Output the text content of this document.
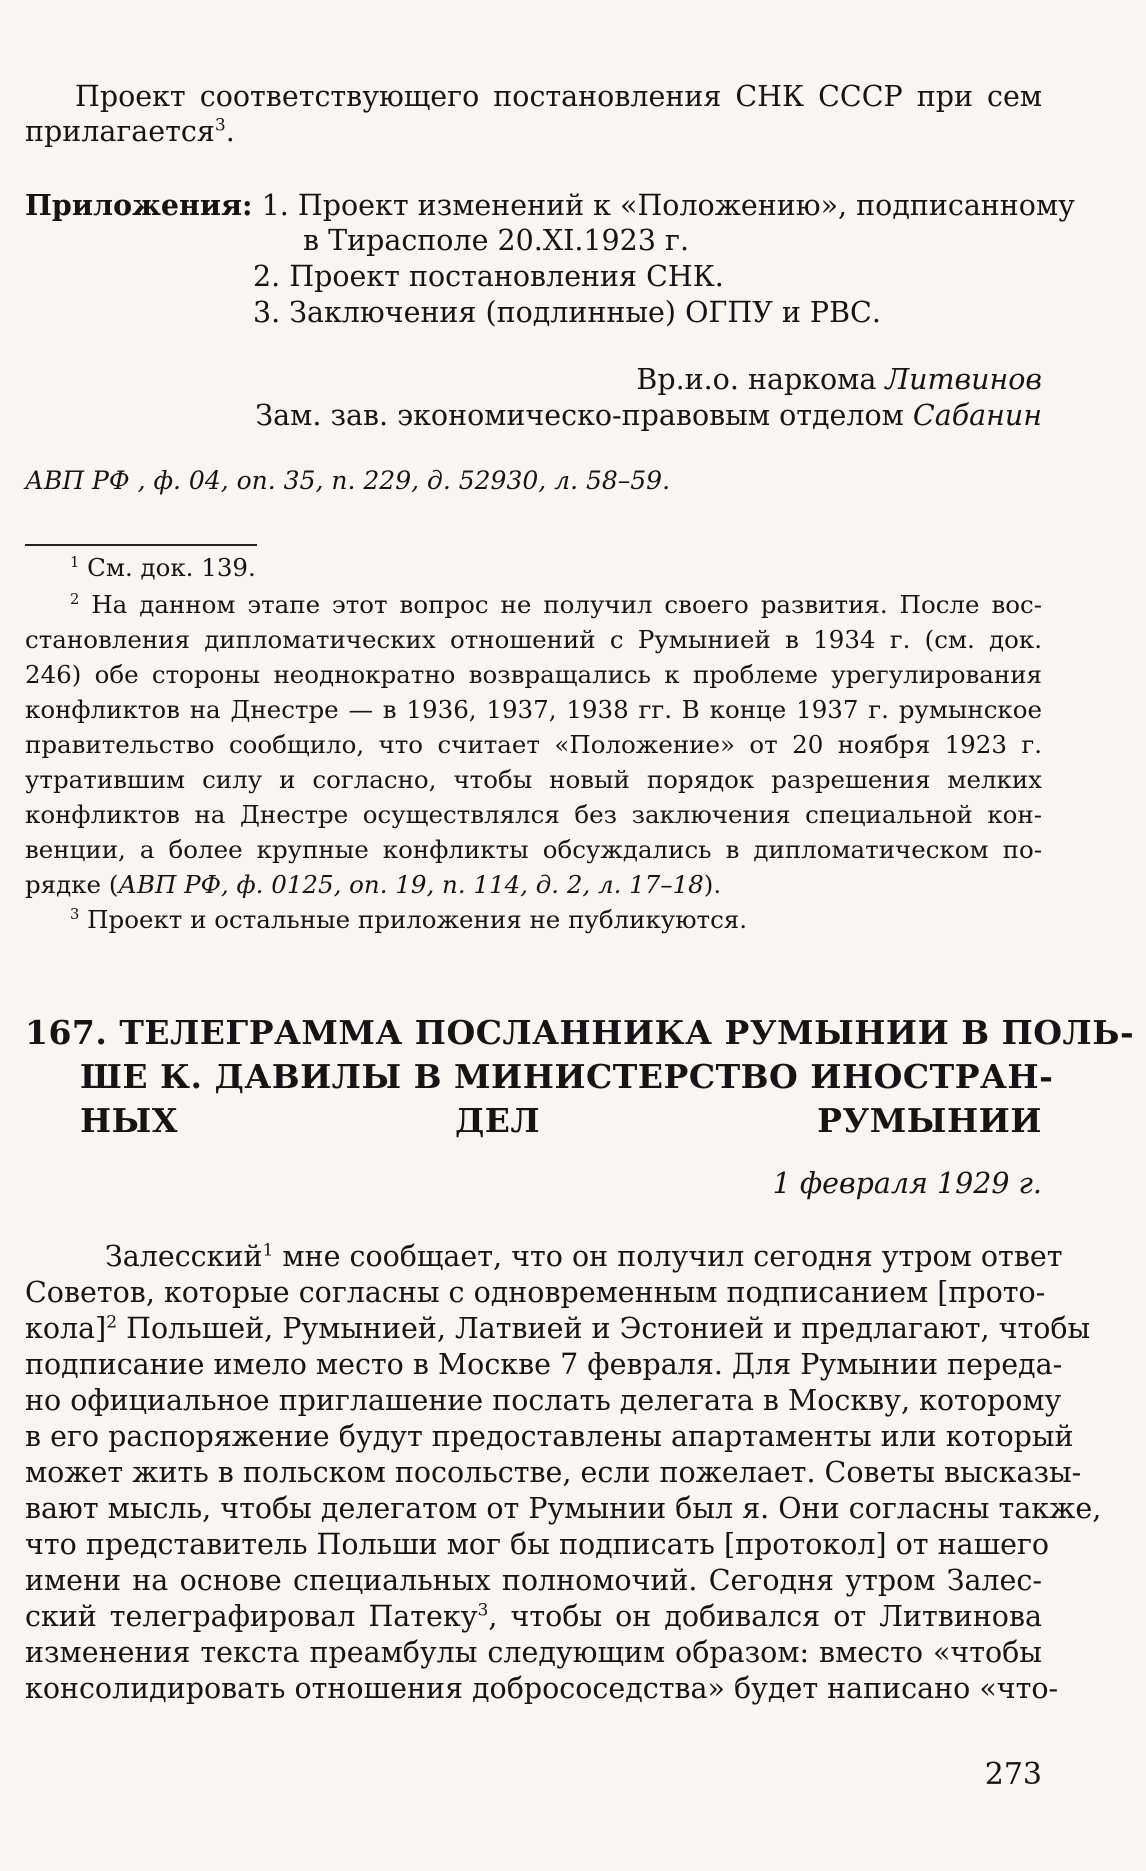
Проект соответствующего постановления СНК СССР при сем

прилагается$^3$.

Приложения: 1. Проект изменений к «Положению», подписанному

в Тирасполе 20.XI.1923 г.

2. Проект постановления СНК.

3. Заключения (подлинные) ОГПУ и РВС.

Вр.и.о. наркома Литвинов

Зам. зав. экономическо-правовым отделом Сабанин

АВП РФ , ф. 04, оп. 35, п. 229, д. 52930, л. 58–59.

$^1$ См. док. 139.

$^2$ На данном этапе этот вопрос не получил своего развития. После вос-

становления дипломатических отношений с Румынией в 1934 г. (см. док.

246) обе стороны неоднократно возвращались к проблеме урегулирования

конфликтов на Днестре — в 1936, 1937, 1938 гг. В конце 1937 г. румынское

правительство сообщило, что считает «Положение» от 20 ноября 1923 г.

утратившим силу и согласно, чтобы новый порядок разрешения мелких

конфликтов на Днестре осуществлялся без заключения специальной кон-

венции, а более крупные конфликты обсуждались в дипломатическом по-

рядке (АВП РФ, ф. 0125, оп. 19, п. 114, д. 2, л. 17–18).

$^3$ Проект и остальные приложения не публикуются.

167. ТЕЛЕГРАММА ПОСЛАННИКА РУМЫНИИ В ПОЛЬ-

ШЕ К. ДАВИЛЫ В МИНИСТЕРСТВО ИНОСТРАН-

НЫХ ДЕЛ РУМЫНИИ

1 февраля 1929 г.

Залесский$^1$ мне сообщает, что он получил сегодня утром ответ

Советов, которые согласны с одновременным подписанием [прото-

кола]$^2$ Польшей, Румынией, Латвией и Эстонией и предлагают, чтобы

подписание имело место в Москве 7 февраля. Для Румынии переда-

но официальное приглашение послать делегата в Москву, которому

в его распоряжение будут предоставлены апартаменты или который

может жить в польском посольстве, если пожелает. Советы высказы-

вают мысль, чтобы делегатом от Румынии был я. Они согласны также,

что представитель Польши мог бы подписать [протокол] от нашего

имени на основе специальных полномочий. Сегодня утром Залес-

ский телеграфировал Патеку$^3$, чтобы он добивался от Литвинова

изменения текста преамбулы следующим образом: вместо «чтобы

консолидировать отношения добрососедства» будет написано «что-

273
